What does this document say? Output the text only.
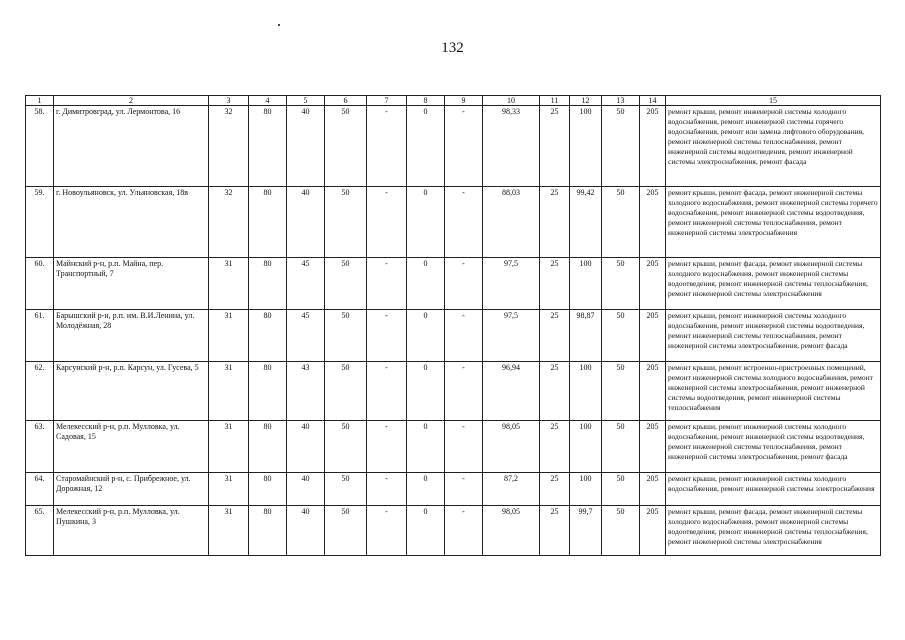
132
1	2	3	4	5	6	7	8	9	10	11	12	13	14	15
58.	г. Димитровград, ул. Лермонтова, 16	32	80	40	50	-	0	-	98,33	25	100	50	205	ремонт крыши, ремонт инженерной системы холодного водоснабжения, ремонт инженерной системы горячего водоснабжения, ремонт или замена лифтового оборудования, ремонт инженерной системы теплоснабжения, ремонт инженерной системы водоотведения, ремонт инженерной системы электроснабжения, ремонт фасада
59.	г. Новоульяновск, ул. Ульяновская, 18в	32	80	40	50	-	0	-	88,03	25	99,42	50	205	ремонт крыши, ремонт фасада, ремонт инженерной системы холодного водоснабжения, ремонт инженерной системы горячего водоснабжения, ремонт инженерной системы водоотведения, ремонт инженерной системы теплоснабжения, ремонт инженерной системы электроснабжения
60.	Майнский р-н, р.п. Майна, пер. Транспортный, 7	31	80	45	50	-	0	-	97,5	25	100	50	205	ремонт крыши, ремонт фасада, ремонт инженерной системы холодного водоснабжения, ремонт инженерной системы водоотведения, ремонт инженерной системы теплоснабжения, ремонт инженерной системы электроснабжения
61.	Барышский р-н, р.п. им. В.И.Ленина, ул. Молодёжная, 28	31	80	45	50	-	0	-	97,5	25	98,87	50	205	ремонт крыши, ремонт инженерной системы холодного водоснабжения, ремонт инженерной системы водоотведения, ремонт инженерной системы теплоснабжения, ремонт инженерной системы электроснабжения, ремонт фасада
62.	Карсунский р-н, р.п. Карсун, ул. Гусева, 5	31	80	43	50	-	0	-	96,94	25	100	50	205	ремонт крыши, ремонт встроенно-пристроенных помещений, ремонт инженерной системы холодного водоснабжения, ремонт инженерной системы электроснабжения, ремонт инженерной системы водоотведения, ремонт инженерной системы теплоснабжения
63.	Мелекесский р-н, р.п. Мулловка, ул. Садовая, 15	31	80	40	50	-	0	-	98,05	25	100	50	205	ремонт крыши, ремонт инженерной системы холодного водоснабжения, ремонт инженерной системы водоотведения, ремонт инженерной системы теплоснабжения, ремонт инженерной системы электроснабжения, ремонт фасада
64.	Старомайнский р-н, с. Прибрежное, ул. Дорожная, 12	31	80	40	50	-	0	-	87,2	25	100	50	205	ремонт крыши, ремонт инженерной системы холодного водоснабжения, ремонт инженерной системы электроснабжения
65.	Мелекесский р-н, р.п. Мулловка, ул. Пушкина, 3	31	80	40	50	-	0	-	98,05	25	99,7	50	205	ремонт крыши, ремонт фасада, ремонт инженерной системы холодного водоснабжения, ремонт инженерной системы водоотведения, ремонт инженерной системы теплоснабжения, ремонт инженерной системы электроснабжения
